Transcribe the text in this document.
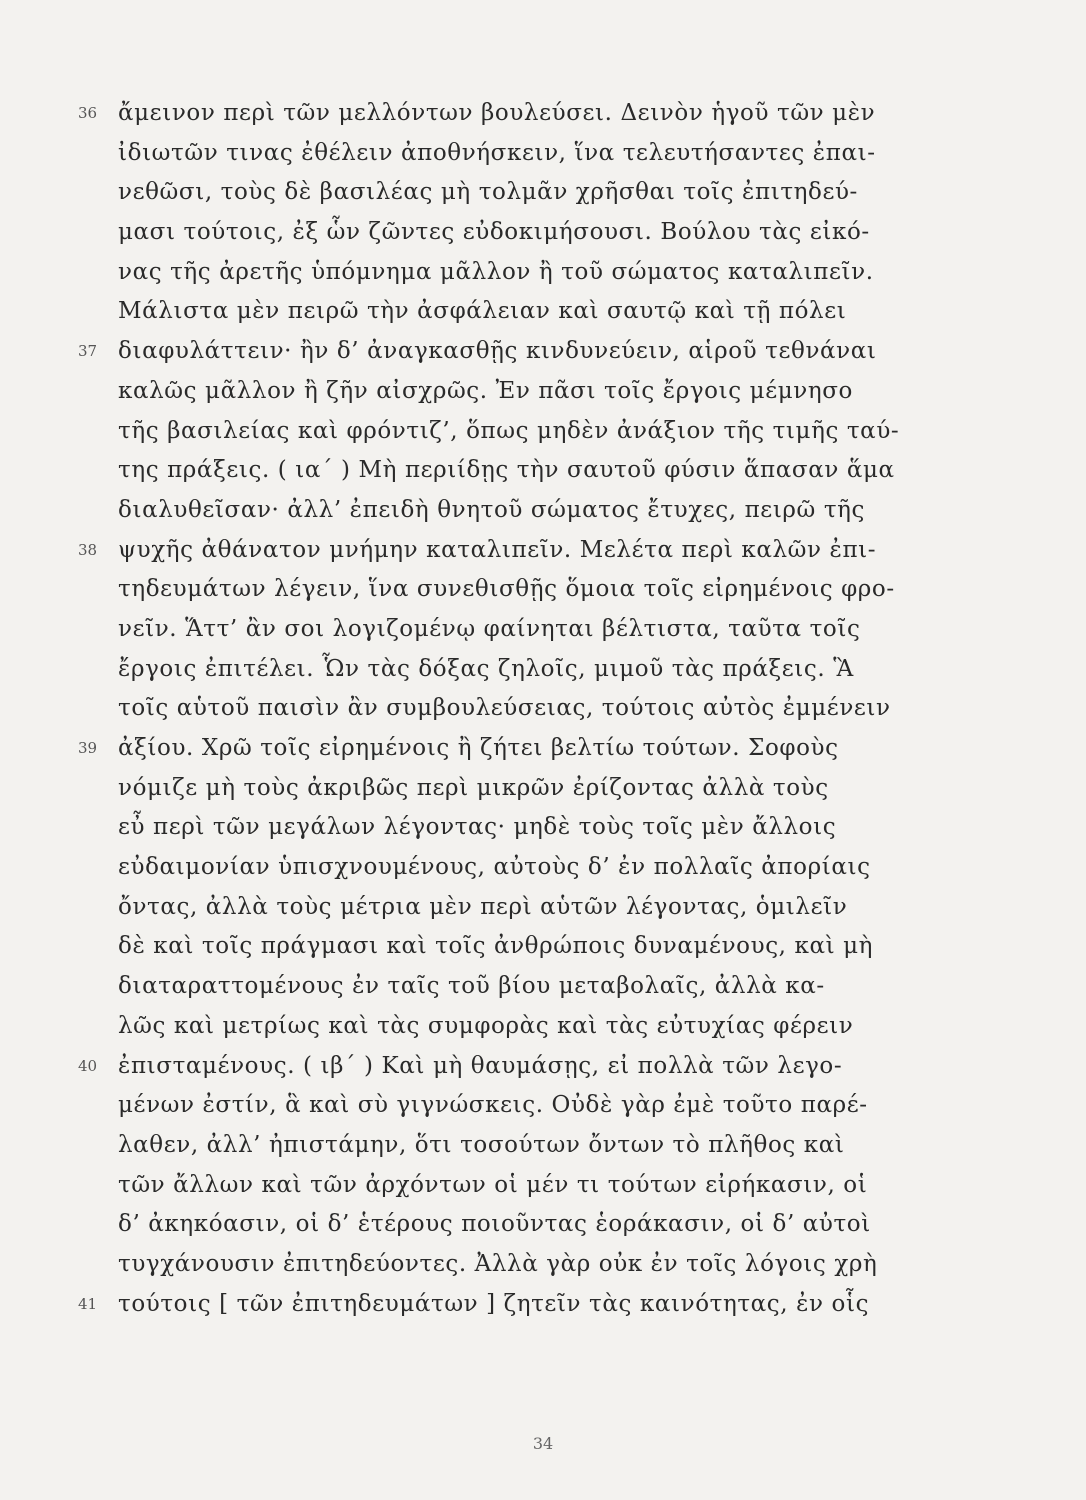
36 ἄμεινον περὶ τῶν μελλόντων βουλεύσει. Δεινὸν ἡγοῦ τῶν μὲν
ἰδιωτῶν τινας ἐθέλειν ἀποθνήσκειν, ἵνα τελευτήσαντες ἐπαι-
νεθῶσι, τοὺς δὲ βασιλέας μὴ τολμᾶν χρῆσθαι τοῖς ἐπιτηδεύ-
μασι τούτοις, ἐξ ὧν ζῶντες εὐδοκιμήσουσι. Βούλου τὰς εἰκό-
νας τῆς ἀρετῆς ὑπόμνημα μᾶλλον ἢ τοῦ σώματος καταλιπεῖν.
Μάλιστα μὲν πειρῶ τὴν ἀσφάλειαν καὶ σαυτῷ καὶ τῇ πόλει
37 διαφυλάττειν· ἢν δ’ ἀναγκασθῇς κινδυνεύειν, αἱροῦ τεθνάναι
καλῶς μᾶλλον ἢ ζῆν αἰσχρῶς. Ἐν πᾶσι τοῖς ἔργοις μέμνησο
τῆς βασιλείας καὶ φρόντιζ’, ὅπως μηδὲν ἀνάξιον τῆς τιμῆς ταύ-
της πράξεις. ( ια΄ ) Μὴ περιίδῃς τὴν σαυτοῦ φύσιν ἅπασαν ἅμα
διαλυθεῖσαν· ἀλλ’ ἐπειδὴ θνητοῦ σώματος ἔτυχες, πειρῶ τῆς
38 ψυχῆς ἀθάνατον μνήμην καταλιπεῖν. Μελέτα περὶ καλῶν ἐπι-
τηδευμάτων λέγειν, ἵνα συνεθισθῇς ὅμοια τοῖς εἰρημένοις φρο-
νεῖν. Ἅττ’ ἂν σοι λογιζομένῳ φαίνηται βέλτιστα, ταῦτα τοῖς
ἔργοις ἐπιτέλει. Ὧν τὰς δόξας ζηλοῖς, μιμοῦ τὰς πράξεις. Ἃ
τοῖς αὑτοῦ παισὶν ἂν συμβουλεύσειας, τούτοις αὐτὸς ἐμμένειν
39 ἀξίου. Χρῶ τοῖς εἰρημένοις ἢ ζήτει βελτίω τούτων. Σοφοὺς
νόμιζε μὴ τοὺς ἀκριβῶς περὶ μικρῶν ἐρίζοντας ἀλλὰ τοὺς
εὖ περὶ τῶν μεγάλων λέγοντας· μηδὲ τοὺς τοῖς μὲν ἄλλοις
εὐδαιμονίαν ὑπισχνουμένους, αὐτοὺς δ’ ἐν πολλαῖς ἀπορίαις
ὄντας, ἀλλὰ τοὺς μέτρια μὲν περὶ αὑτῶν λέγοντας, ὁμιλεῖν
δὲ καὶ τοῖς πράγμασι καὶ τοῖς ἀνθρώποις δυναμένους, καὶ μὴ
διαταραττομένους ἐν ταῖς τοῦ βίου μεταβολαῖς, ἀλλὰ κα-
λῶς καὶ μετρίως καὶ τὰς συμφορὰς καὶ τὰς εὐτυχίας φέρειν
40 ἐπισταμένους. ( ιβ΄ ) Καὶ μὴ θαυμάσῃς, εἰ πολλὰ τῶν λεγο-
μένων ἐστίν, ἃ καὶ σὺ γιγνώσκεις. Οὐδὲ γὰρ ἐμὲ τοῦτο παρέ-
λαθεν, ἀλλ’ ἠπιστάμην, ὅτι τοσούτων ὄντων τὸ πλῆθος καὶ
τῶν ἄλλων καὶ τῶν ἀρχόντων οἱ μέν τι τούτων εἰρήκασιν, οἱ
δ’ ἀκηκόασιν, οἱ δ’ ἑτέρους ποιοῦντας ἑοράκασιν, οἱ δ’ αὐτοὶ
τυγχάνουσιν ἐπιτηδεύοντες. Ἀλλὰ γὰρ οὐκ ἐν τοῖς λόγοις χρὴ
41 τούτοις [ τῶν ἐπιτηδευμάτων ] ζητεῖν τὰς καινότητας, ἐν οἷς
34
